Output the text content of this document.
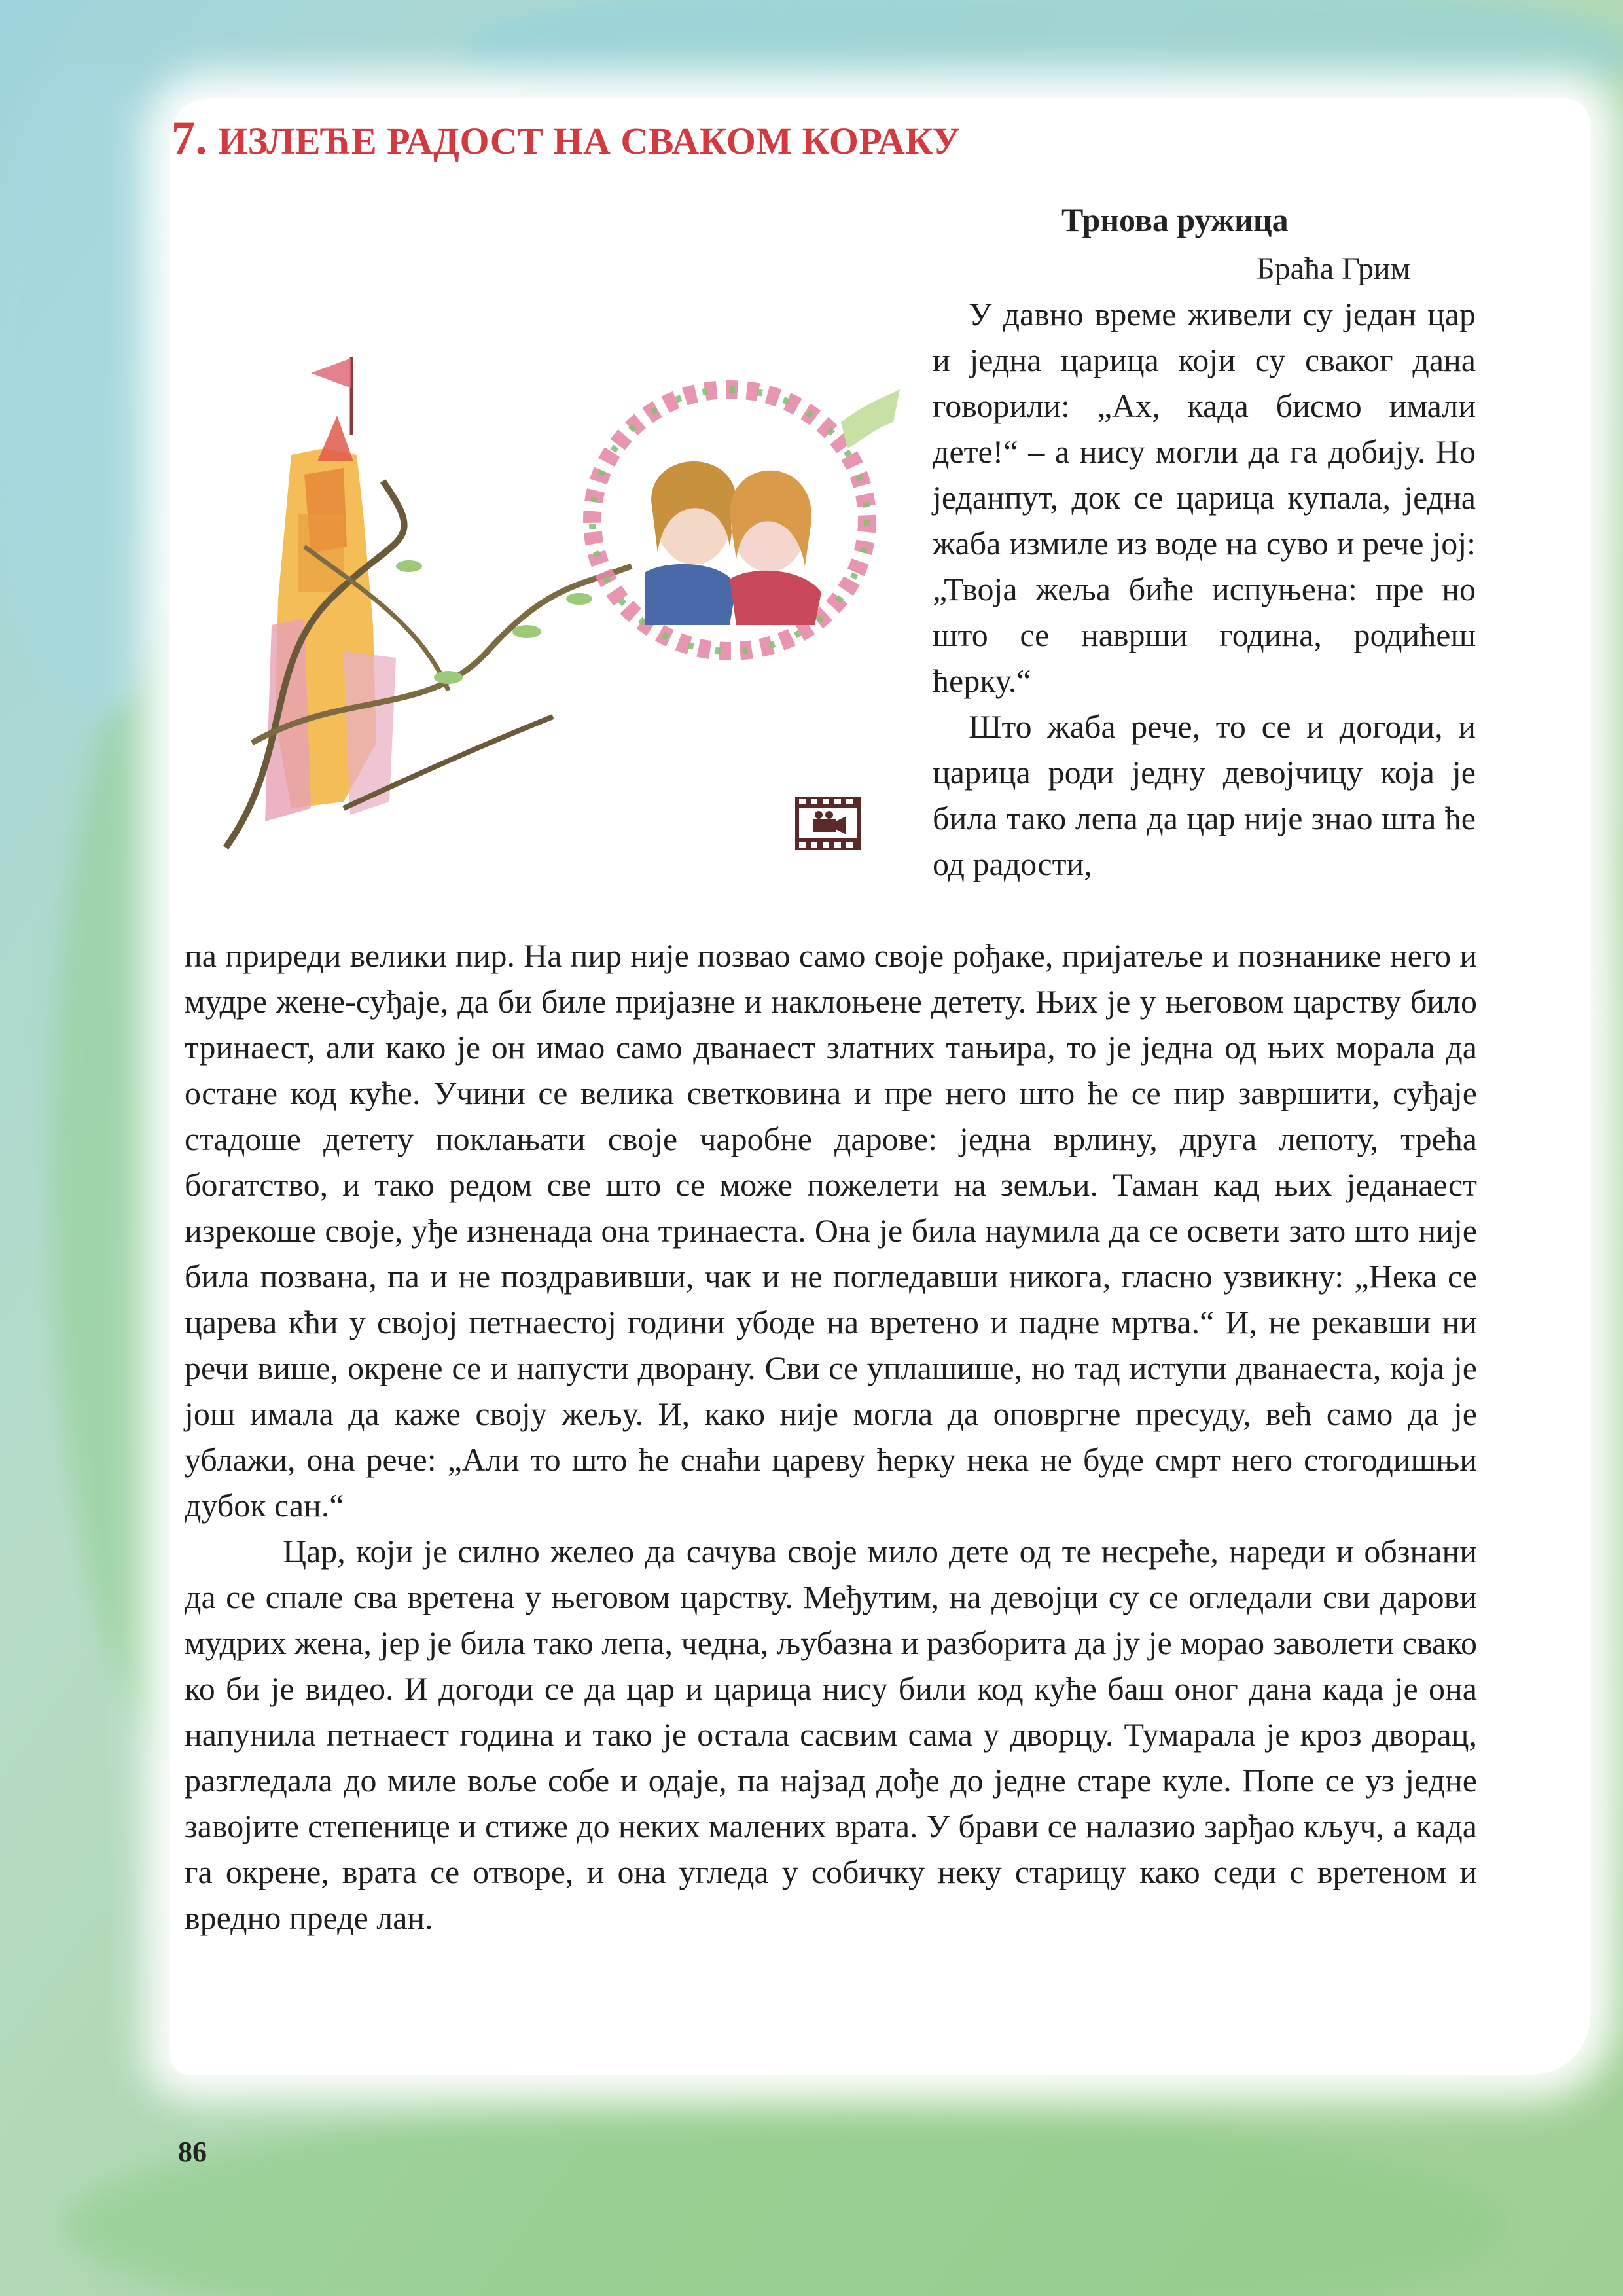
7. ИЗЛЕЋЕ РАДОСТ НА СВАКОМ КОРАКУ
Трнова ружица
Браћа Грим

У давно време живели су један цар и једна царица који су сваког дана говорили: „Ах, када бисмо имали дете!“ – а нису могли да га добију. Но једанпут, док се царица купала, једна жаба измиле из воде на суво и рече јој: „Твоја жеља биће испуњена: пре но што се наврши година, родићеш ћерку.“

Што жаба рече, то се и догоди, и царица роди једну девојчицу која је била тако лепа да цар није знао шта ће од радости,

па приреди велики пир. На пир није позвао само своје рођаке, пријатеље и познанике него и мудре жене-суђаје, да би биле пријазне и наклоњене детету. Њих је у његовом царству било тринаест, али како је он имао само дванаест златних тањира, то је једна од њих морала да остане код куће. Учини се велика светковина и пре него што ће се пир завршити, суђаје стадоше детету поклањати своје чаробне дарове: једна врлину, друга лепоту, трећа богатство, и тако редом све што се може пожелети на земљи. Таман кад њих једанаест изрекоше своје, уђе изненада она тринаеста. Она је била наумила да се освети зато што није била позвана, па и не поздравивши, чак и не погледавши никога, гласно узвикну: „Нека се царева кћи у својој петнаестој години убоде на вретено и падне мртва.“ И, не рекавши ни речи више, окрене се и напусти дворану. Сви се уплашише, но тад иступи дванаеста, која је још имала да каже своју жељу. И, како није могла да оповргне пресуду, већ само да је ублажи, она рече: „Али то што ће снаћи цареву ћерку нека не буде смрт него стогодишњи дубок сан.“

Цар, који је силно желео да сачува своје мило дете од те несреће, нареди и обзнани да се спале сва вретена у његовом царству. Међутим, на девојци су се огледали сви дарови мудрих жена, јер је била тако лепа, чедна, љубазна и разборита да ју је морао заволети свако ко би је видео. И догоди се да цар и царица нису били код куће баш оног дана када је она напунила петнаест година и тако је остала сасвим сама у дворцу. Тумарала је кроз дворац, разгледала до миле воље собе и одаје, па најзад дође до једне старе куле. Попе се уз једне завојите степенице и стиже до неких малених врата. У брави се налазио зарђао кључ, а када га окрене, врата се отворе, и она угледа у собичку неку старицу како седи с вретеном и вредно преде лан.

86
